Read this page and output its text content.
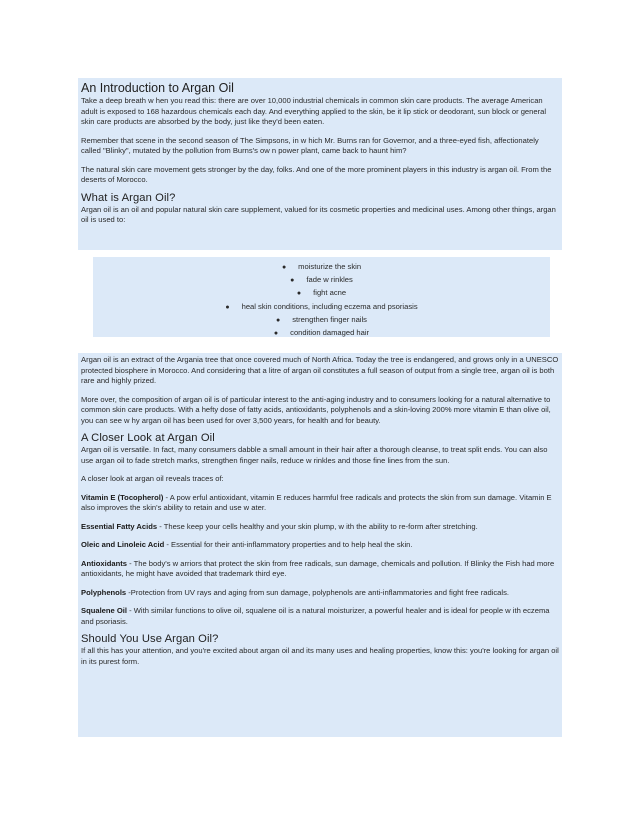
An Introduction to Argan Oil

Take a deep breath w hen you read this: there are over 10,000 industrial chemicals in common skin care products. The average American adult is exposed to 168 hazardous chemicals each day. And everything applied to the skin, be it lip stick or deodorant, sun block or general skin care products are absorbed by the body, just like they'd been eaten.

Remember that scene in the second season of The Simpsons, in w hich Mr. Burns ran for Governor, and a three-eyed fish, affectionately called "Blinky", mutated by the pollution from Burns's ow n power plant, came back to haunt him?

The natural skin care movement gets stronger by the day, folks. And one of the more prominent players in this industry is argan oil. From the deserts of Morocco.

What is Argan Oil?

Argan oil is an oil and popular natural skin care supplement, valued for its cosmetic properties and medicinal uses. Among other things, argan oil is used to:

● moisturize the skin
● fade w rinkles
● fight acne
● heal skin conditions, including eczema and psoriasis
● strengthen finger nails
● condition damaged hair

Argan oil is an extract of the Argania tree that once covered much of North Africa. Today the tree is endangered, and grows only in a UNESCO protected biosphere in Morocco. And considering that a litre of argan oil constitutes a full season of output from a single tree, argan oil is both rare and highly prized.

More over, the composition of argan oil is of particular interest to the anti-aging industry and to consumers looking for a natural alternative to common skin care products. With a hefty dose of fatty acids, antioxidants, polyphenols and a skin-loving 200% more vitamin E than olive oil, you can see w hy argan oil has been used for over 3,500 years, for health and for beauty.

A Closer Look at Argan Oil

Argan oil is versatile. In fact, many consumers dabble a small amount in their hair after a thorough cleanse, to treat split ends. You can also use argan oil to fade stretch marks, strengthen finger nails, reduce w rinkles and those fine lines from the sun.

A closer look at argan oil reveals traces of:

Vitamin E (Tocopherol) - A pow erful antioxidant, vitamin E reduces harmful free radicals and protects the skin from sun damage. Vitamin E also improves the skin's ability to retain and use w ater.

Essential Fatty Acids - These keep your cells healthy and your skin plump, w ith the ability to re-form after stretching.

Oleic and Linoleic Acid - Essential for their anti-inflammatory properties and to help heal the skin.

Antioxidants - The body's w arriors that protect the skin from free radicals, sun damage, chemicals and pollution. If Blinky the Fish had more antioxidants, he might have avoided that trademark third eye.

Polyphenols -Protection from UV rays and aging from sun damage, polyphenols are anti-inflammatories and fight free radicals.

Squalene Oil - With similar functions to olive oil, squalene oil is a natural moisturizer, a powerful healer and is ideal for people w ith eczema and psoriasis.

Should You Use Argan Oil?

If all this has your attention, and you're excited about argan oil and its many uses and healing properties, know this: you're looking for argan oil in its purest form.
